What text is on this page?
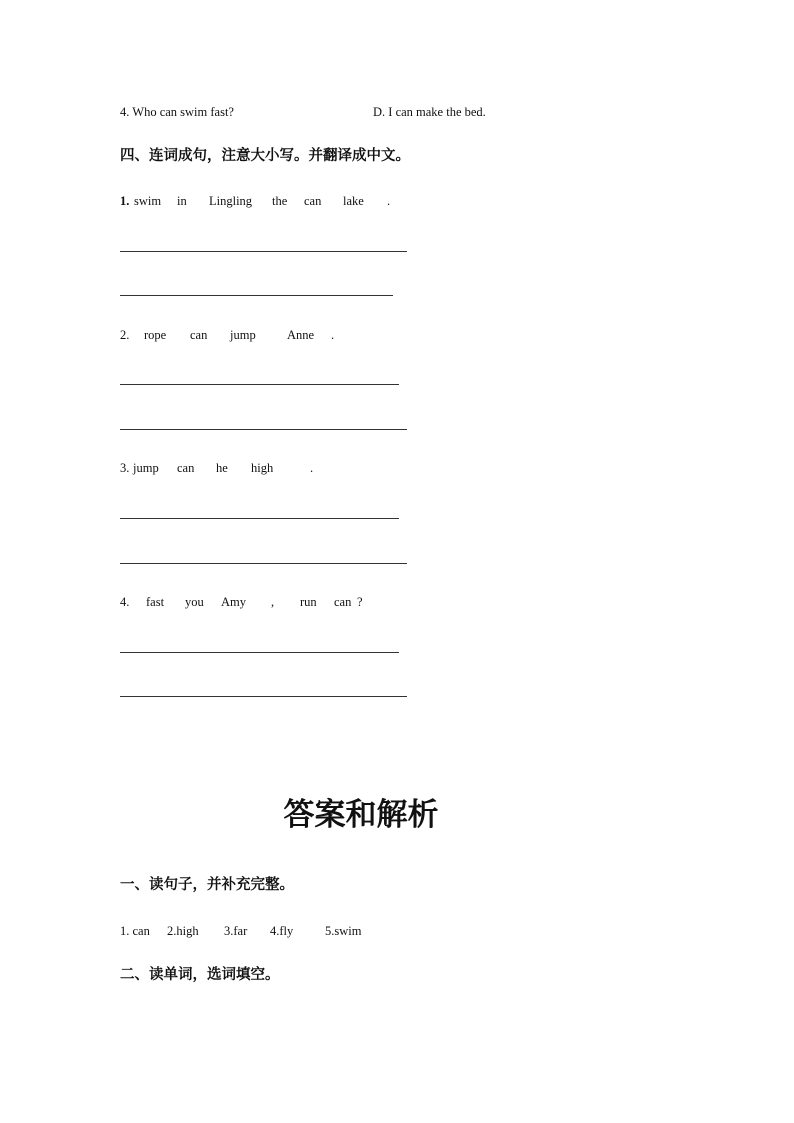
4. Who can swim fast?	D. I can make the bed.
四、连词成句，注意大小写。并翻译成中文。
1. swim in Lingling the can lake .
2. rope can jump	Anne .
3. jump can he high	.
4. fast you Amy , run can ?
答案和解析
一、读句子，并补充完整。
1. can 2.high 3.far 4.fly	5.swim
二、读单词，选词填空。
